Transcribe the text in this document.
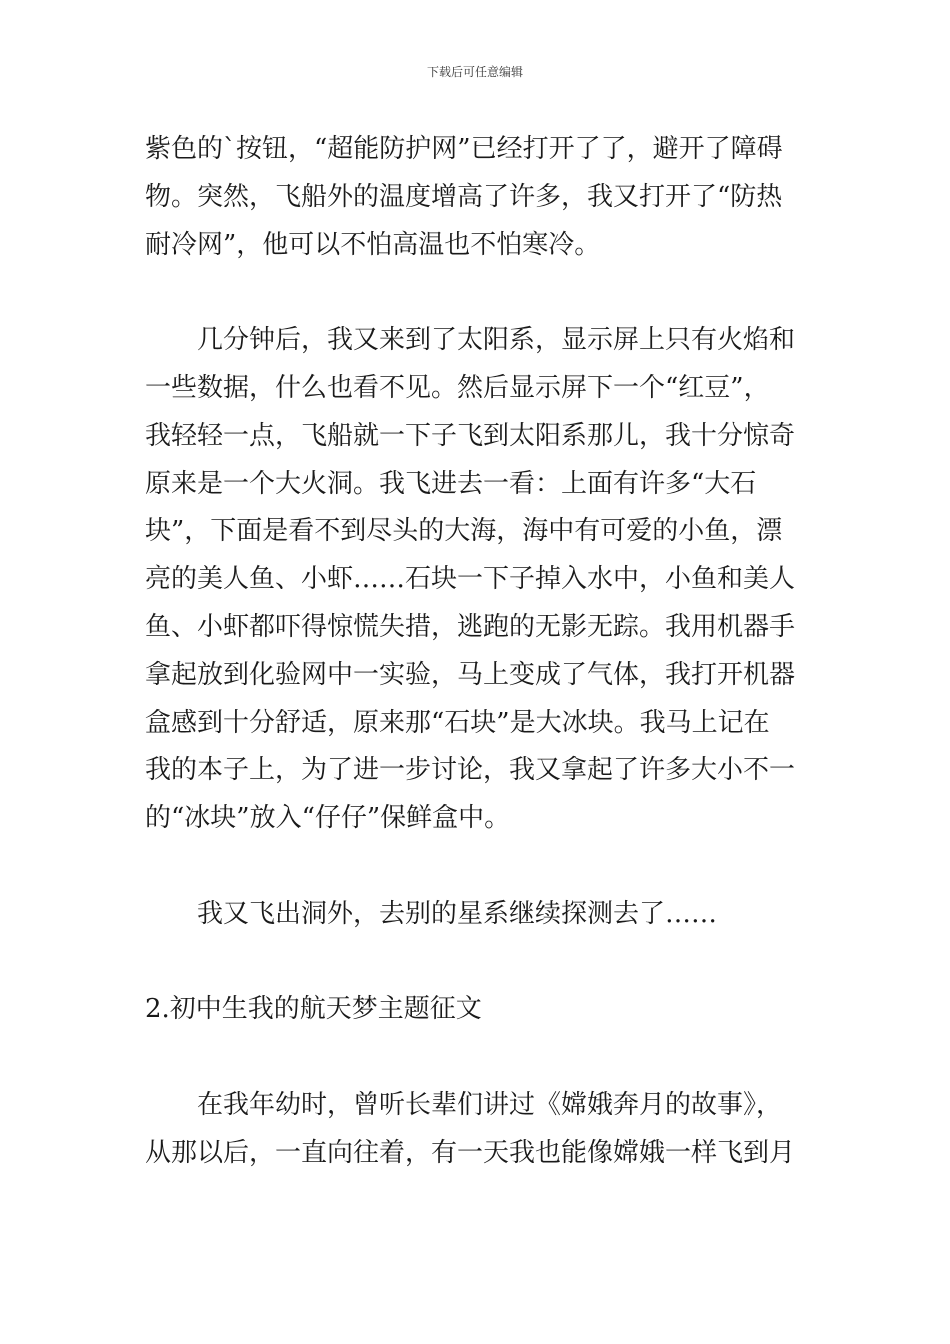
下载后可任意编辑

紫色的`按钮，“超能防护网”已经打开了了，避开了障碍
物。突然，飞船外的温度增高了许多，我又打开了“防热
耐冷网”，他可以不怕高温也不怕寒冷。

几分钟后，我又来到了太阳系，显示屏上只有火焰和
一些数据，什么也看不见。然后显示屏下一个“红豆”，
我轻轻一点，飞船就一下子飞到太阳系那儿，我十分惊奇
原来是一个大火洞。我飞进去一看：上面有许多“大石
块”，下面是看不到尽头的大海，海中有可爱的小鱼，漂
亮的美人鱼、小虾……石块一下子掉入水中，小鱼和美人
鱼、小虾都吓得惊慌失措，逃跑的无影无踪。我用机器手
拿起放到化验网中一实验，马上变成了气体，我打开机器
盒感到十分舒适，原来那“石块”是大冰块。我马上记在
我的本子上，为了进一步讨论，我又拿起了许多大小不一
的“冰块”放入“仔仔”保鲜盒中。

我又飞出洞外，去别的星系继续探测去了……

2.初中生我的航天梦主题征文

在我年幼时，曾听长辈们讲过《嫦娥奔月的故事》，
从那以后，一直向往着，有一天我也能像嫦娥一样飞到月
